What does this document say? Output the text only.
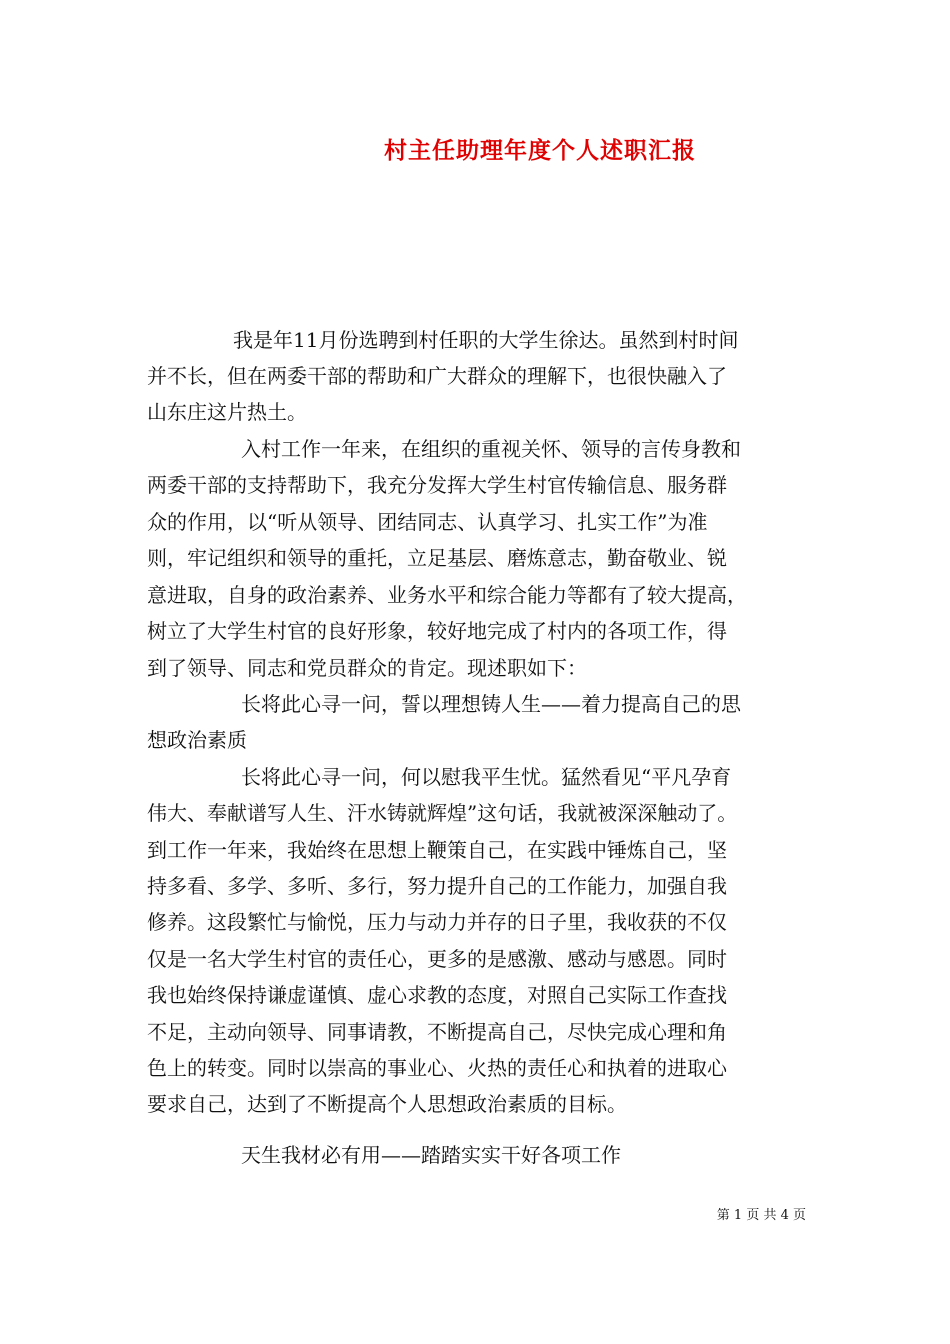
村主任助理年度个人述职汇报
我是年11月份选聘到村任职的大学生徐达。虽然到村时间
并不长，但在两委干部的帮助和广大群众的理解下，也很快融入了
山东庄这片热土。
入村工作一年来，在组织的重视关怀、领导的言传身教和
两委干部的支持帮助下，我充分发挥大学生村官传输信息、服务群
众的作用，以“听从领导、团结同志、认真学习、扎实工作”为准
则，牢记组织和领导的重托，立足基层、磨炼意志，勤奋敬业、锐
意进取，自身的政治素养、业务水平和综合能力等都有了较大提高，
树立了大学生村官的良好形象，较好地完成了村内的各项工作，得
到了领导、同志和党员群众的肯定。现述职如下：
长将此心寻一问，誓以理想铸人生——着力提高自己的思
想政治素质
长将此心寻一问，何以慰我平生忧。猛然看见“平凡孕育
伟大、奉献谱写人生、汗水铸就辉煌”这句话，我就被深深触动了。
到工作一年来，我始终在思想上鞭策自己，在实践中锤炼自己，坚
持多看、多学、多听、多行，努力提升自己的工作能力，加强自我
修养。这段繁忙与愉悦，压力与动力并存的日子里，我收获的不仅
仅是一名大学生村官的责任心，更多的是感激、感动与感恩。同时
我也始终保持谦虚谨慎、虚心求教的态度，对照自己实际工作查找
不足，主动向领导、同事请教，不断提高自己，尽快完成心理和角
色上的转变。同时以崇高的事业心、火热的责任心和执着的进取心
要求自己，达到了不断提高个人思想政治素质的目标。
天生我材必有用——踏踏实实干好各项工作
第 1 页 共 4 页
